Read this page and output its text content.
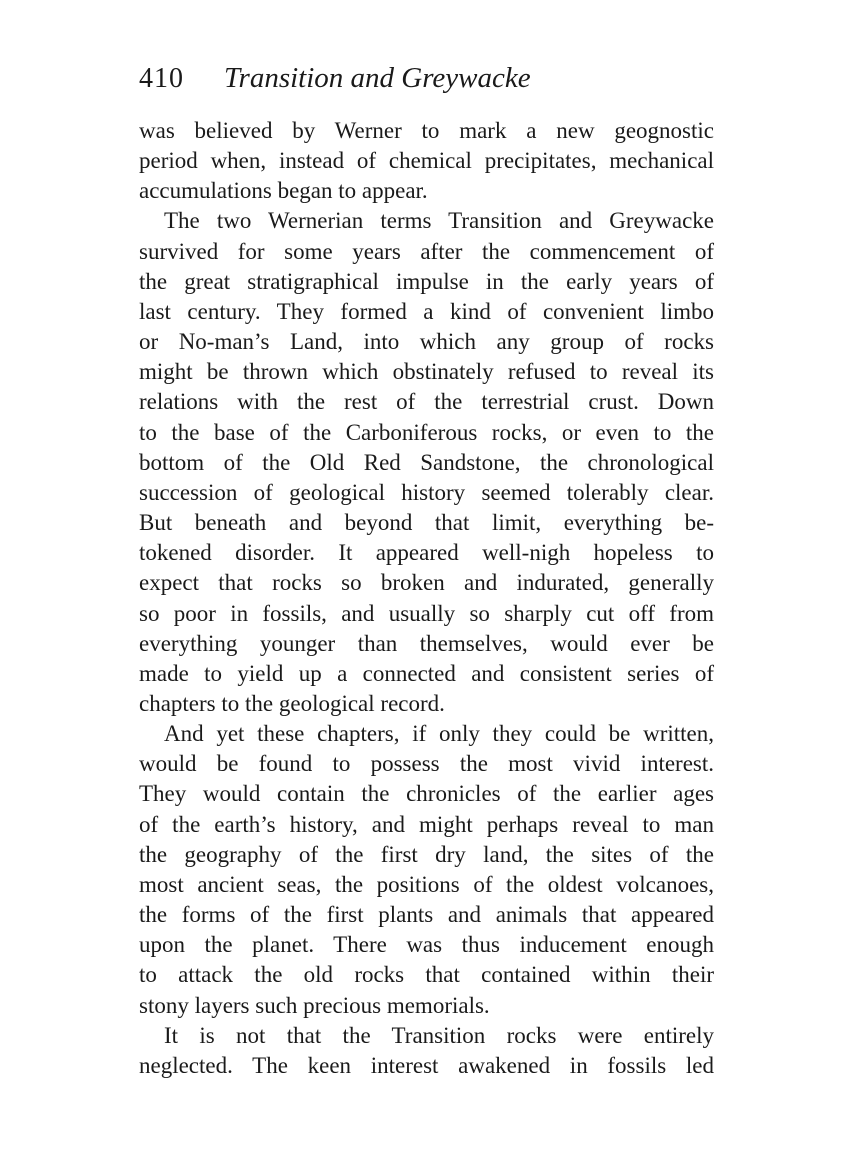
410 Transition and Greywacke
was believed by Werner to mark a new geognostic
period when, instead of chemical precipitates, mechanical
accumulations began to appear.
The two Wernerian terms Transition and Greywacke
survived for some years after the commencement of
the great stratigraphical impulse in the early years of
last century. They formed a kind of convenient limbo
or No-man’s Land, into which any group of rocks
might be thrown which obstinately refused to reveal its
relations with the rest of the terrestrial crust. Down
to the base of the Carboniferous rocks, or even to the
bottom of the Old Red Sandstone, the chronological
succession of geological history seemed tolerably clear.
But beneath and beyond that limit, everything be-
tokened disorder. It appeared well-nigh hopeless to
expect that rocks so broken and indurated, generally
so poor in fossils, and usually so sharply cut off from
everything younger than themselves, would ever be
made to yield up a connected and consistent series of
chapters to the geological record.
And yet these chapters, if only they could be written,
would be found to possess the most vivid interest.
They would contain the chronicles of the earlier ages
of the earth’s history, and might perhaps reveal to man
the geography of the first dry land, the sites of the
most ancient seas, the positions of the oldest volcanoes,
the forms of the first plants and animals that appeared
upon the planet. There was thus inducement enough
to attack the old rocks that contained within their
stony layers such precious memorials.
It is not that the Transition rocks were entirely
neglected. The keen interest awakened in fossils led
